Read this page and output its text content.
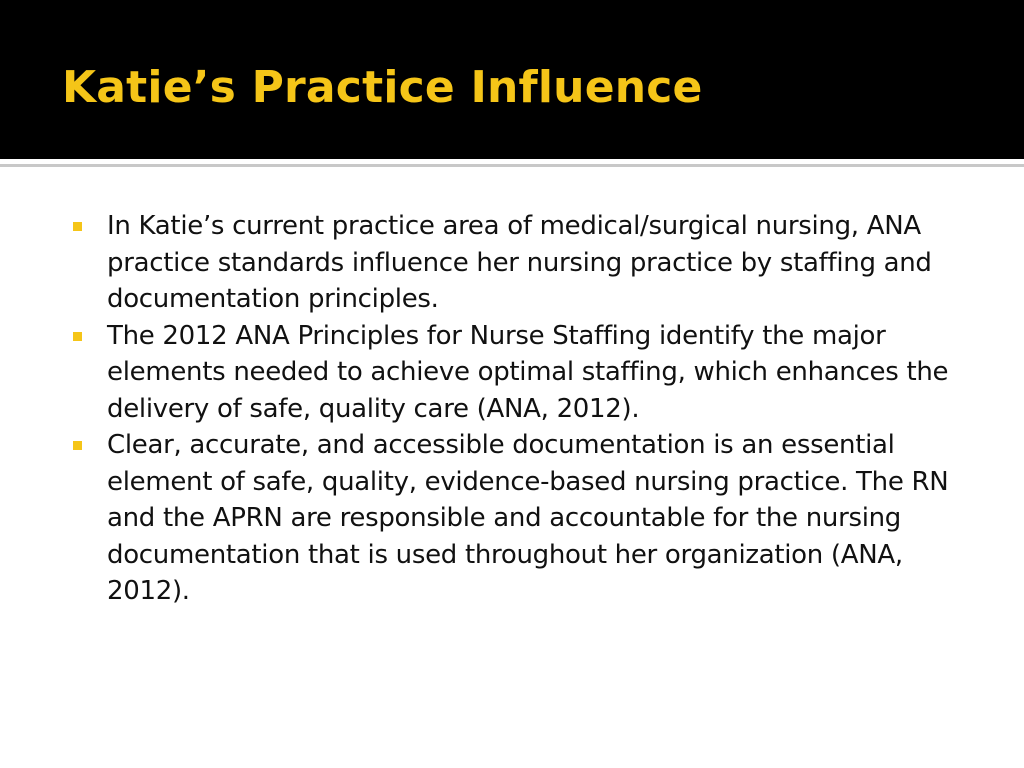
Katie’s Practice Influence
In Katie’s current practice area of medical/surgical nursing, ANA practice standards influence her nursing practice by staffing and documentation principles.
The 2012 ANA Principles for Nurse Staffing identify the major elements needed to achieve optimal staffing, which enhances the delivery of safe, quality care (ANA, 2012).
Clear, accurate, and accessible documentation is an essential element of safe, quality, evidence-based nursing practice. The RN and the APRN are responsible and accountable for the nursing documentation that is used throughout her organization (ANA, 2012).
